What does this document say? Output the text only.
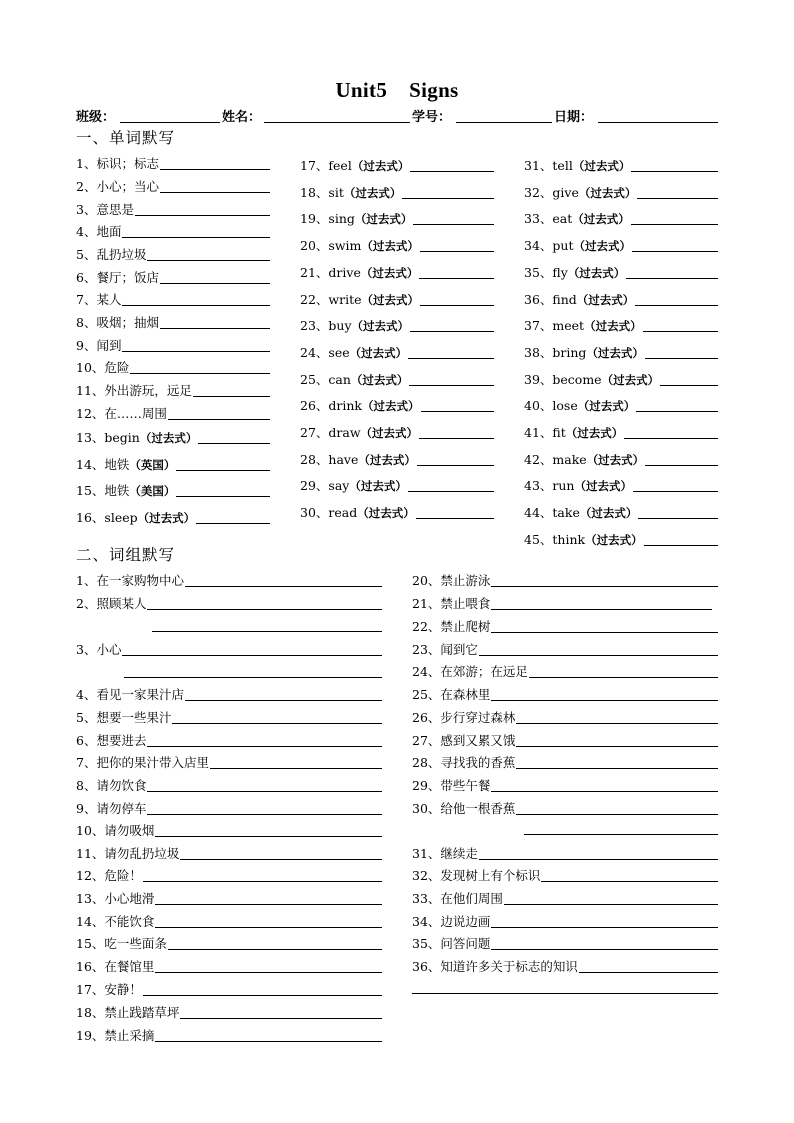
Unit5 Signs
班级：	姓名：	学号：	日期：
一、单词默写
1、标识；标志
2、小心；当心
3、意思是
4、地面
5、乱扔垃圾
6、餐厅；饭店
7、某人
8、吸烟；抽烟
9、闻到
10、危险
11、外出游玩，远足
12、在……周围
13、begin（过去式）
14、地铁（英国）
15、地铁（美国）
16、sleep（过去式）
17、feel（过去式）
18、sit（过去式）
19、sing（过去式）
20、swim（过去式）
21、drive（过去式）
22、write（过去式）
23、buy（过去式）
24、see（过去式）
25、can（过去式）
26、drink（过去式）
27、draw（过去式）
28、have（过去式）
29、say（过去式）
30、read（过去式）
31、tell（过去式）
32、give（过去式）
33、eat（过去式）
34、put（过去式）
35、fly（过去式）
36、find（过去式）
37、meet（过去式）
38、bring（过去式）
39、become（过去式）
40、lose（过去式）
41、fit（过去式）
42、make（过去式）
43、run（过去式）
44、take（过去式）
45、think（过去式）
二、词组默写
1、在一家购物中心
2、照顾某人
3、小心
4、看见一家果汁店
5、想要一些果汁
6、想要进去
7、把你的果汁带入店里
8、请勿饮食
9、请勿停车
10、请勿吸烟
11、请勿乱扔垃圾
12、危险！
13、小心地滑
14、不能饮食
15、吃一些面条
16、在餐馆里
17、安静！
18、禁止践踏草坪
19、禁止采摘
20、禁止游泳
21、禁止喂食
22、禁止爬树
23、闻到它
24、在郊游；在远足
25、在森林里
26、步行穿过森林
27、感到又累又饿
28、寻找我的香蕉
29、带些午餐
30、给他一根香蕉
31、继续走
32、发现树上有个标识
33、在他们周围
34、边说边画
35、问答问题
36、知道许多关于标志的知识
